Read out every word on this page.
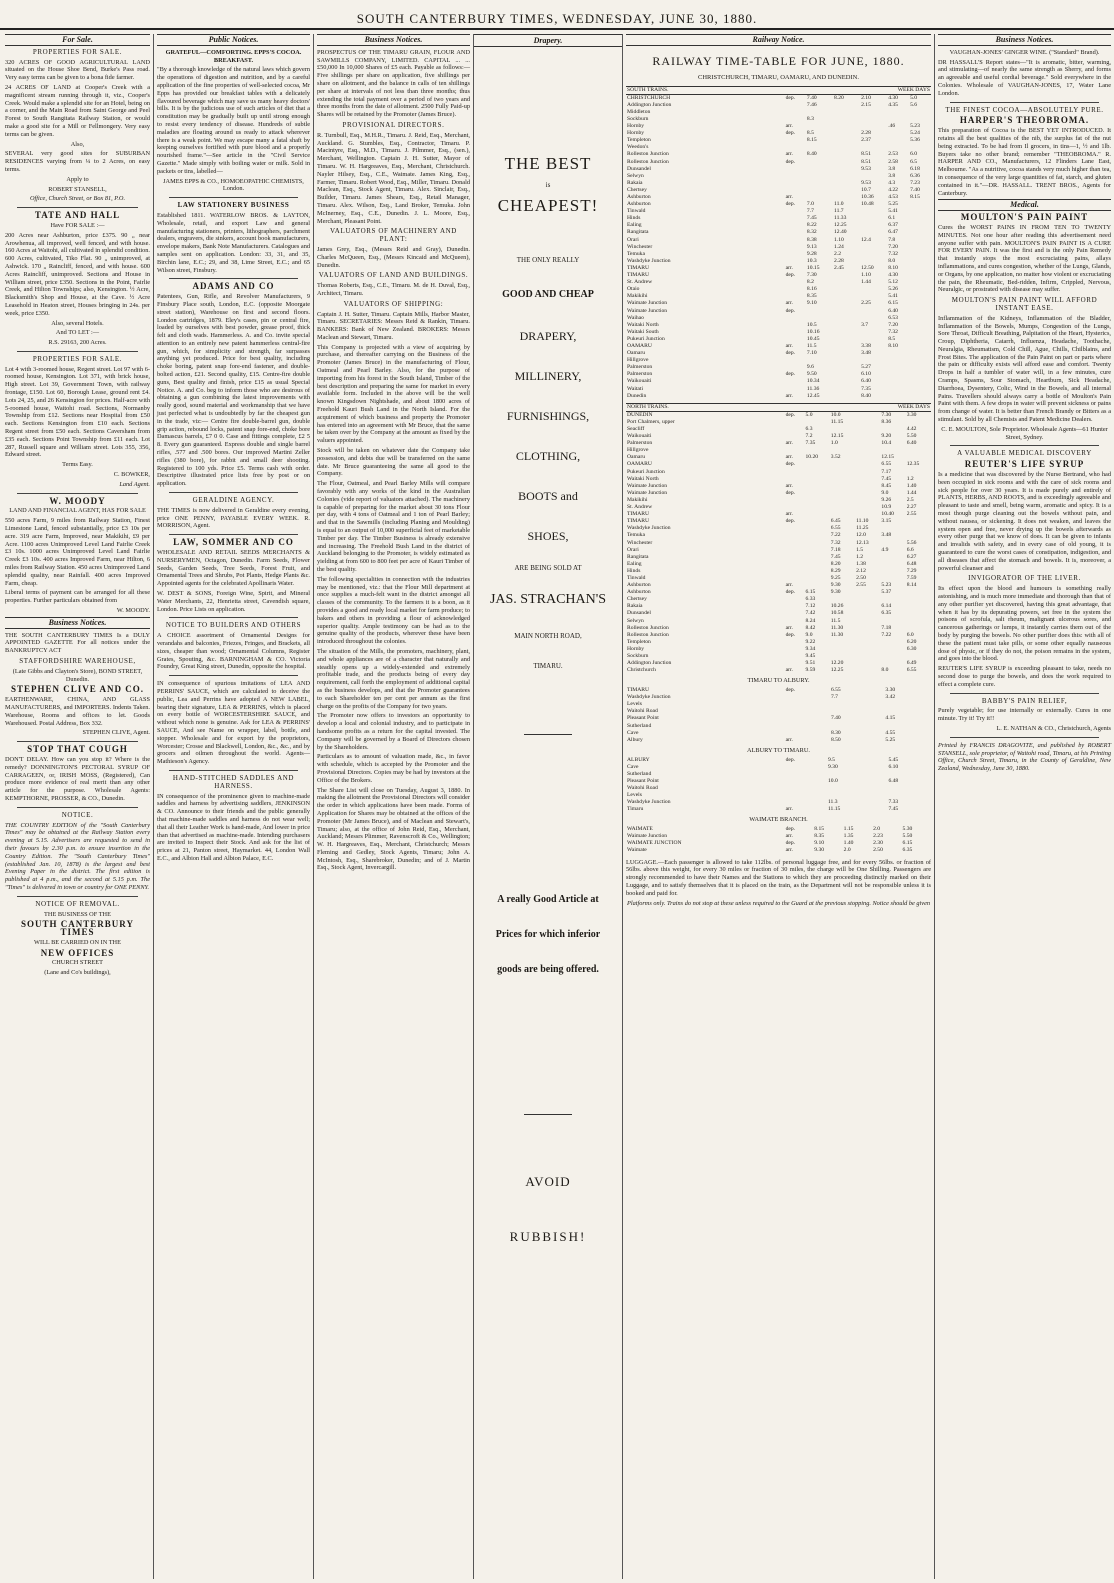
SOUTH CANTERBURY TIMES, WEDNESDAY, JUNE 30, 1880.
For Sale.
PROPERTIES FOR SALE.
320 ACRES OF GOOD AGRICULTURAL LAND situated on the House Shoe Bend, Burke's Pass road. Very easy terms can be given to a bona fide farmer.
24 ACRES OF LAND at Cooper's Creek with a magnificent stream running through it, viz., Cooper's Creek. Would make a splendid site for an Hotel, being on a corner, and the Main Road from Saint George and Peel Forest to South Rangitata Railway Station, or would make a good site for a Mill or Fellmongery. Very easy terms can be given.
Also,
SEVERAL very good sites for SUBURBAN RESIDENCES varying from ¼ to 2 Acres, on easy terms.
Apply to
ROBERT STANSELL,
Office, Church Street, or Box 81, P.O.
TATE AND HALL
Have FOR SALE :—
200 Acres near Ashburton, price £375. 90 „ near Arowhenua, all improved, well fenced, and with house. 160 Acres at Waitohi, all cultivated in splendid condition. 600 Acres, cultivated, Tiko Flat. 90 „ unimproved, at Ashwick. 170 „ Raincliff, fenced, and with house. 600 Acres Raincliff, unimproved. Sections and House in William street, price £350. Sections in the Point, Fairlie Creek, and Hilton Townships; also, Kensington. ½ Acre, Blacksmith's Shop and House, at the Cave. ½ Acre Leasehold in Heaton street, Houses bringing in 24s. per week, price £350.
Also, several Hotels.
And TO LET :—
R.S. 29163, 200 Acres.
PROPERTIES FOR SALE.
Lot 4 with 3-roomed house, Regent street. Lot 97 with 6-roomed house, Kensington. Lot 371, with brick house, High street. Lot 39, Government Town, with railway frontage, £150. Lot 60, Borough Lease, ground rent £4. Lots 24, 25, and 26 Kensington for prices. Half-acre with 5-roomed house, Waitohi road. Sections, Normanby Township from £12. Sections near Hospital from £50 each. Sections Kensington from £10 each. Sections Regent street from £50 each. Sections Caversham from £35 each. Sections Point Township from £11 each. Lot 287, Russell square and William street. Lots 355, 356, Edward street.
Terms Easy.
C. BOWKER,
Land Agent.
W. MOODY
LAND AND FINANCIAL AGENT, HAS FOR SALE
550 acres Farm, 9 miles from Railway Station, Finest Limestone Land, fenced substantially, price £3 10s per acre. 319 acre Farm, Improved, near Makikihi, £9 per Acre. 1100 acres Unimproved Level Land Fairlie Creek £3 10s. 1000 acres Unimproved Level Land Fairlie Creek £3 10s. 400 acres Improved Farm, near Hilton, 6 miles from Railway Station. 450 acres Unimproved Land splendid quality, near Rainfall. 400 acres Improved Farm, cheap.
Liberal terms of payment can be arranged for all these properties. Further particulars obtained from
W. MOODY.
Business Notices.
THE SOUTH CANTERBURY TIMES Is a DULY APPOINTED GAZETTE For all notices under the BANKRUPTCY ACT
STAFFORDSHIRE WAREHOUSE,
(Late Gibbs and Clayton's Store), BOND STREET, Dunedin.
STEPHEN CLIVE AND CO.
EARTHENWARE, CHINA, AND GLASS MANUFACTURERS, and IMPORTERS. Indents Taken. Warehouse, Rooms and offices to let. Goods Warehoused. Postal Address, Box 332.
STEPHEN CLIVE, Agent.
STOP THAT COUGH
DON'T DELAY. How can you stop it? Where is the remedy? DONNINGTON'S PECTORAL SYRUP OF CARRAGEEN, or, IRISH MOSS, (Registered), Can produce more evidence of real merit than any other article for the purpose. Wholesale Agents: KEMPTHORNE, PROSSER, & CO., Dunedin.
NOTICE.
THE COUNTRY EDITION of the "South Canterbury Times" may be obtained at the Railway Station every evening at 5.15. Advertisers are requested to send in their favours by 2.30 p.m. to ensure insertion in the Country Edition. The "South Canterbury Times" (established Jan. 10, 1878) is the largest and best Evening Paper in the district. The first edition is published at 4 p.m., and the second at 5.15 p.m. The "Times" is delivered in town or country for ONE PENNY.
NOTICE OF REMOVAL.
THE BUSINESS OF THE
SOUTH CANTERBURY TIMES
WILL BE CARRIED ON IN THE
NEW OFFICES
CHURCH STREET
(Lane and Co's buildings),
Public Notices.
GRATEFUL—COMFORTING. EPPS'S COCOA. BREAKFAST.
"By a thorough knowledge of the natural laws which govern the operations of digestion and nutrition, and by a careful application of the fine properties of well-selected cocoa, Mr Epps has provided our breakfast tables with a delicately flavoured beverage which may save us many heavy doctors' bills. It is by the judicious use of such articles of diet that a constitution may be gradually built up until strong enough to resist every tendency of disease. Hundreds of subtle maladies are floating around us ready to attack wherever there is a weak point. We may escape many a fatal shaft by keeping ourselves fortified with pure blood and a properly nourished frame."—See article in the "Civil Service Gazette." Made simply with boiling water or milk. Sold in packets or tins, labelled—
JAMES EPPS & CO., HOMOEOPATHIC CHEMISTS, London.
LAW STATIONERY BUSINESS
Established 1811. WATERLOW BROS. & LAYTON, Wholesale, retail, and export Law and general manufacturing stationers, printers, lithographers, parchment dealers, engravers, die sinkers, account book manufacturers, envelope makers, Bank Note Manufacturers. Catalogues and samples sent on application. London: 33, 31, and 35, Birchin lane, E.C.; 29, and 38, Lime Street, E.C.; and 65 Wilson street, Finsbury.
ADAMS AND CO
Patentees, Gun, Rifle, and Revolver Manufacturers, 9 Finsbury Place south, London, E.C. (opposite Moorgate street station), Warehouse on first and second floors. London cartridges, 1879. Eley's cases, pin or central fire, loaded by ourselves with best powder, grease proof, thick felt and cloth wads. Hammerless. A. and Co. invite special attention to an entirely new patent hammerless central-fire gun, which, for simplicity and strength, far surpasses anything yet produced. Price for best quality, including choke boring, patent snap fore-end fastener, and double-bolted action, £21. Second quality, £15. Centre-fire double guns, Best quality and finish, price £15 as usual Special Notice. A. and Co. beg to inform those who are desirous of obtaining a gun combining the latest improvements with really good, sound material and workmanship that we have just perfected what is undoubtedly by far the cheapest gun in the trade, viz:— Centre fire double-barrel gun, double grip action, rebound locks, patent snap fore-end, choke bore Damascus barrels, £7 0 0. Case and fittings complete, £2 5 8. Every gun guaranteed. Express double and single barrel rifles, .577 and .500 bores. Our improved Martini Zeller rifles (380 bore), for rabbit and small deer shooting. Registered to 100 yds. Price £5. Terms cash with order. Descriptive illustrated price lists free by post or on application.
GERALDINE AGENCY.
THE TIMES is now delivered in Geraldine every evening, price ONE PENNY, PAYABLE EVERY WEEK. R. MORRISON, Agent.
LAW, SOMMER AND CO
WHOLESALE AND RETAIL SEEDS MERCHANTS & NURSERYMEN, Octagon, Dunedin. Farm Seeds, Flower Seeds, Garden Seeds, Tree Seeds, Forest Fruit, and Ornamental Trees and Shrubs, Pot Plants, Hedge Plants &c. Appointed agents for the celebrated Apollinaris Water.
W. DEST & SONS, Foreign Wine, Spirit, and Mineral Water Merchants, 22, Henrietta street, Cavendish square, London. Price Lists on application.
NOTICE TO BUILDERS AND OTHERS
A CHOICE assortment of Ornamental Designs for verandahs and balconies, Friezes, Fringes, and Brackets, all sizes, cheaper than wood; Ornamental Columns, Register Grates, Spouting, &c. BARNINGHAM & CO. Victoria Foundry, Great King street, Dunedin, opposite the hospital.
IN consequence of spurious imitations of LEA AND PERRINS' SAUCE, which are calculated to deceive the public, Lea and Perrins have adopted A NEW LABEL, bearing their signature, LEA & PERRINS, which is placed on every bottle of WORCESTERSHIRE SAUCE, and without which none is genuine. Ask for LEA & PERRINS' SAUCE, And see Name on wrapper, label, bottle, and stopper. Wholesale and for export by the proprietors, Worcester; Crosse and Blackwell, London, &c., &c., and by grocers and oilmen throughout the world. Agents—Mathieson's Agency.
HAND-STITCHED SADDLES AND HARNESS.
IN consequence of the prominence given to machine-made saddles and harness by advertising saddlers, JENKINSON & CO. Announce to their friends and the public generally that machine-made saddles and harness do not wear well; that all their Leather Work is hand-made, And lower in price than that advertised as machine-made. Intending purchasers are invited to Inspect their Stock. And ask for the list of prices at 21, Panton street, Haymarket. 44, London Wall E.C., and Albion Hall and Albion Palace, E.C.
Business Notices.
PROSPECTUS OF THE TIMARU GRAIN, FLOUR AND SAWMILLS COMPANY, LIMITED. CAPITAL ... ... £50,000 In 10,000 Shares of £5 each. Payable as follows:—Five shillings per share on application, five shillings per share on allotment, and the balance in calls of ten shillings per share at intervals of not less than three months; thus extending the total payment over a period of two years and three months from the date of allotment. 2500 Fully Paid-up Shares will be retained by the Promoter (James Bruce).
PROVISIONAL DIRECTORS.
R. Turnbull, Esq., M.H.R., Timaru. J. Reid, Esq., Merchant, Auckland. G. Stumbles, Esq., Contractor, Timaru. P. Macintyre, Esq., M.D., Timaru. J. Pilmmer, Esq., (sen.), Merchant, Wellington. Captain J. H. Sutter, Mayor of Timaru. W. H. Hargreaves, Esq., Merchant, Christchurch. Nayler Hilsey, Esq., C.E., Waimate. James King, Esq., Farmer, Timaru. Robert Wood, Esq., Miller, Timaru. Donald Maclean, Esq., Stock Agent, Timaru. Alex. Sinclair, Esq., Builder, Timaru. James Shears, Esq., Retail Manager, Timaru. Alex. Wilson, Esq., Land Broker, Temuka. John McInerney, Esq., C.E., Dunedin. J. L. Moore, Esq., Merchant, Pleasant Point.
VALUATORS OF MACHINERY AND PLANT:
James Grey, Esq., (Messrs Reid and Gray), Dunedin. Charles McQueen, Esq., (Messrs Kincaid and McQueen), Dunedin.
VALUATORS OF LAND AND BUILDINGS.
Thomas Roberts, Esq., C.E., Timaru. M. de H. Duval, Esq., Architect, Timaru.
VALUATORS OF SHIPPING:
Captain J. H. Sutter, Timaru. Captain Mills, Harbor Master, Timaru. SECRETARIES: Messrs Reid & Rankin, Timaru. BANKERS: Bank of New Zealand. BROKERS: Messrs Maclean and Stewart, Timaru.
This Company is projected with a view of acquiring by purchase, and thereafter carrying on the Business of the Promoter (James Bruce) in the manufacturing of Flour, Oatmeal and Pearl Barley. Also, for the purpose of importing from his forest in the South Island, Timber of the best description and preparing the same for market in every available form. Included in the above will be the well known Kingsdown Nightshade, and about 1800 acres of Freehold Kauri Bush Land in the North Island. For the acquirement of which business and property the Promoter has entered into an agreement with Mr Bruce, that the same be taken over by the Company at the amount as fixed by the valuers appointed.
Stock will be taken on whatever date the Company take possession, and debts due will be transferred on the same date. Mr Bruce guaranteeing the same all good to the Company.
The Flour, Oatmeal, and Pearl Barley Mills will compare favorably with any works of the kind in the Australian Colonies (vide report of valuators attached). The machinery is capable of preparing for the market about 30 tons Flour per day, with 4 tons of Oatmeal and 1 ton of Pearl Barley; and that in the Sawmills (including Planing and Moulding) is equal to an output of 10,000 superficial feet of marketable Timber per day. The Timber Business is already extensive and increasing. The Freehold Bush Land in the district of Auckland belonging to the Promoter, is widely estimated as yielding at from 600 to 800 feet per acre of Kauri Timber of the best quality.
The following specialities in connection with the industries may be mentioned, viz.: that the Flour Mill department at once supplies a much-felt want in the district amongst all classes of the community. To the farmers it is a boon, as it provides a good and ready local market for farm produce; to bakers and others in providing a flour of acknowledged superior quality. Ample testimony can be had as to the genuine quality of the products, wherever these have been introduced throughout the colonies.
The situation of the Mills, the promoters, machinery, plant, and whole appliances are of a character that naturally and steadily opens up a widely-extended and extremely profitable trade, and the products being of every day requirement, call forth the employment of additional capital as the business develops, and that the Promoter guarantees to each Shareholder ten per cent per annum as the first charge on the profits of the Company for two years.
The Promoter now offers to investors an opportunity to develop a local and colonial industry, and to participate in handsome profits as a return for the capital invested. The Company will be governed by a Board of Directors chosen by the Shareholders.
Particulars as to amount of valuation made, &c., in favor with schedule, which is accepted by the Promoter and the Provisional Directors. Copies may be had by investors at the Office of the Brokers.
The Share List will close on Tuesday, August 3, 1880. In making the allotment the Provisional Directors will consider the order in which applications have been made. Forms of Application for Shares may be obtained at the offices of the Promoter (Mr James Bruce), and of Maclean and Stewart's, Timaru; also, at the office of John Reid, Esq., Merchant, Auckland; Messrs Plimmer, Ravenscroft & Co., Wellington; W. H. Hargreaves, Esq., Merchant, Christchurch; Messrs Fleming and Gedley, Stock Agents, Timaru; John A. McIntosh, Esq., Sharebroker, Dunedin; and of J. Martin Esq., Stock Agent, Invercargill.
Drapery.
THE BEST
is
CHEAPEST!
THE ONLY REALLY
GOOD AND CHEAP
DRAPERY,
MILLINERY,
FURNISHINGS,
CLOTHING,
BOOTS and
SHOES,
ARE BEING SOLD AT
JAS. STRACHAN'S
MAIN NORTH ROAD,
TIMARU.
A really Good Article at
Prices for which inferior
goods are being offered.
AVOID
RUBBISH!
Railway Notice.
RAILWAY TIME-TABLE FOR JUNE, 1880.
CHRISTCHURCH, TIMARU, OAMARU, AND DUNEDIN.
SOUTH TRAINS.	WEEK DAYS					
CHRISTCHURCH	dep.	7.40	8.20	2.10	4.30	5.0
Addington Junction		7.46		2.15	4.35	5.6
Middleton						
Sockburn		8.3				
Hornby	arr.				.46	5.23
Hornby	dep.	8.5		2.28		5.24
Templeton		8.15		2.37		5.36
Weedon's						
Rolleston Junction	arr.	8.40		8.51	2.53	6.0
Rolleston Junction	dep.			8.51	2.58	6.5
Dunsandel				9.53	3.8	6.18
Selwyn					3.8	6.36
Rakaia				9.53	4.3	7.23
Chertsey				10.7	4.22	7.40
Ashburton	arr.			10.36	4.53	8.15
Ashburton	dep.	7.0	11.0	10.48	5.25	
Tinwald		7.7	11.7		5.41	
Hinds		7.45	11.33		6.1	
Ealing		8.22	12.25		6.37	
Rangitata		8.32	12.40		6.47	
Orari		8.38	1.10	12.4	7.8	
Winchester		9.13	1.24		7.20	
Temuka		9.28	2.2		7.32	
Washdyke Junction		10.3	2.28		8.0	
TIMARU	arr.	10.15	2.45	12.50	8.10	
TIMARU	dep.	7.30		1.10	4.30	
St. Andrew		8.2		1.44	5.12	
Otaio		8.16			5.26	
Makikihi		8.35			5.41	
Waimate Junction	arr.	9.10		2.25	6.15	
Waimate Junction	dep.				6.40	
Waihao					6.53	
Waitaki North		10.5		3.7	7.20	
Waitaki South		10.16			7.32	
Pukeuri Junction		10.45			8.5	
OAMARU	arr.	11.5		3.38	8.10	
Oamaru	dep.	7.10		3.48		
Hillgrove						
Palmerston		9.6		5.27		
Palmerston	dep.	9.50		6.10		
Waikouaiti		10.34		6.40		
Waitati		11.36		7.35		
Dunedin	arr.	12.45		8.40		
NORTH TRAINS.	WEEK DAYS					
DUNEDIN	dep.	5.0	10.0		7.30	3.30
Port Chalmers, upper			11.15		8.36	
Seacliff		6.3				4.42
Waikouaiti		7.2	12.15		9.20	5.50
Palmerston	arr.	7.35	1.0		10.4	6.40
Hillgrove						
Oamaru	arr.	10.20	3.52		12.15	
OAMARU	dep.				6.55	12.35
Pukeuri Junction					7.17	
Waitaki North					7.45	1.2
Waimate Junction	arr.				8.45	1.40
Waimate Junction	dep.				9.0	1.44
Makikihi					9.26	2.5
St. Andrew					10.9	2.27
TIMARU	arr.				10.40	2.55
TIMARU	dep.		6.45	11.10	3.15	
Washdyke Junction			6.55	11.25		
Temuka			7.22	12.0	3.48	
Winchester			7.32	12.13		5.56
Orari			7.18	1.5	4.9	6.6
Rangitata			7.45	1.2		6.27
Ealing			8.20	1.38		6.48
Hinds			8.29	2.12		7.29
Tinwald			9.25	2.50		7.59
Ashburton	arr.		9.30	2.55	5.23	8.14
Ashburton	dep.	6.15	9.30		5.37	
Chertsey		6.33				
Rakaia		7.12	10.26		6.14	
Dunsandel		7.42	10.58		6.35	
Selwyn		8.24	11.5			
Rolleston Junction	arr.	8.42	11.30		7.18	
Rolleston Junction	dep.	9.0	11.30		7.22	6.0
Templeton		9.22				6.20
Hornby		9.34				6.30
Sockburn		9.45				
Addington Junction		9.51	12.20			6.49
Christchurch	arr.	9.59	12.25		8.0	6.55
TIMARU TO ALBURY.
TIMARU	dep.	6.55		3.30
Washdyke Junction		7.7		3.42
Levels				
Waitohi Road				
Pleasant Point		7.40		4.15
Sutherland				
Cave		8.30		4.55
Albury	arr.	8.50		5.25
ALBURY TO TIMARU.
ALBURY	dep.	9.5		5.45
Cave		9.30		6.10
Sutherland				
Pleasant Point		10.0		6.48
Waitohi Road				
Levels				
Washdyke Junction		11.3		7.33
Timaru	arr.	11.15		7.45
WAIMATE BRANCH.
WAIMATE	dep.	8.15	1.15	2.0	5.30
Waimate Junction	arr.	8.35	1.35	2.23	5.50
WAIMATE JUNCTION	dep.	9.10	1.40	2.30	6.15
Waimate	arr.	9.30	2.0	2.50	6.35
LUGGAGE.—Each passenger is allowed to take 112lbs. of personal luggage free, and for every 56lbs. or fraction of 56lbs. above this weight, for every 30 miles or fraction of 30 miles, the charge will be One Shilling. Passengers are strongly recommended to have their Names and the Stations to which they are proceeding distinctly marked on their Luggage, and to satisfy themselves that it is placed on the train, as the Department will not be responsible unless it is booked and paid for.
Platforms only. Trains do not stop at these unless required to the Guard at the previous stopping. Notice should be given
Business Notices.
VAUGHAN-JONES' GINGER WINE. ("Standard" Brand).
DR HASSALL'S Report states—"It is aromatic, bitter, warming, and stimulating—of nearly the same strength as Sherry, and forms an agreeable and useful cordial beverage." Sold everywhere in the Colonies. Wholesale of VAUGHAN-JONES, 17, Water Lane London.
THE FINEST COCOA—ABSOLUTELY PURE.
HARPER'S THEOBROMA.
This preparation of Cocoa is the BEST YET INTRODUCED. It retains all the best qualities of the nib, the surplus fat of the nut being extracted. To be had from Il grocers, in tins—1, ½ and 1lb. Buyers take no other brand; remember "THEOBROMA." R. HARPER AND CO., Manufacturers, 12 Flinders Lane East, Melbourne. "As a nutritive, cocoa stands very much higher than tea, in consequence of the very large quantities of fat, starch, and gluten contained in it."—DR. HASSALL. TRENT BROS., Agents for Canterbury.
Medical.
MOULTON'S PAIN PAINT
Cures the WORST PAINS IN FROM TEN TO TWENTY MINUTES. Not one hour after reading this advertisement need anyone suffer with pain. MOULTON'S PAIN PAINT IS A CURE FOR EVERY PAIN. It was the first and is the only Pain Remedy that instantly stops the most excruciating pains, allays inflammations, and cures congestion, whether of the Lungs, Glands, or Organs, by one application, no matter how violent or excruciating the pain, the Rheumatic, Bed-ridden, Infirm, Crippled, Nervous, Neuralgic, or prostrated with disease may suffer.
MOULTON'S PAIN PAINT WILL AFFORD INSTANT EASE.
Inflammation of the Kidneys, Inflammation of the Bladder, Inflammation of the Bowels, Mumps, Congestion of the Lungs, Sore Throat, Difficult Breathing, Palpitation of the Heart, Hysterics, Croup, Diphtheria, Catarrh, Influenza, Headache, Toothache, Neuralgia, Rheumatism, Cold Chill, Ague, Chills, Chilblains, and Frost Bites. The application of the Pain Paint on part or parts where the pain or difficulty exists will afford ease and comfort. Twenty Drops in half a tumbler of water will, in a few minutes, cure Cramps, Spasms, Sour Stomach, Heartburn, Sick Headache, Diarrhoea, Dysentery, Colic, Wind in the Bowels, and all internal Pains. Travellers should always carry a bottle of Moulton's Pain Paint with them. A few drops in water will prevent sickness or pains from change of water. It is better than French Brandy or Bitters as a stimulant. Sold by all Chemists and Patent Medicine Dealers.
C. E. MOULTON, Sole Proprietor. Wholesale Agents—61 Hunter Street, Sydney.
A VALUABLE MEDICAL DISCOVERY
REUTER'S LIFE SYRUP
Is a medicine that was discovered by the Nurse Bertrand, who had been occupied in sick rooms and with the care of sick rooms and sick people for over 30 years. It is made purely and entirely of PLANTS, HERBS, AND ROOTS, and is exceedingly agreeable and pleasant to taste and smell, being warm, aromatic and spicy. It is a most though purge cleaning out the bowels without pain, and without nausea, or sickening. It does not weaken, and leaves the system open and free, never drying up the bowels afterwards as every other purge that we know of does. It can be given to infants and invalids with safety, and in every case of old young, it is guaranteed to cure the worst cases of constipation, indigestion, and all diseases that affect the stomach and bowels. It is, moreover, a powerful cleanser and
INVIGORATOR OF THE LIVER.
Its effect upon the blood and humours is something really astonishing, and is much more immediate and thorough than that of any other purifier yet discovered, having this great advantage, that when it has by its depurating powers, set free in the system the poisons of scrofula, salt rheum, malignant ulcerous sores, and cancerous gatherings or lumps, it instantly carries them out of the body by purging the bowels. No other purifier does this: with all of these the patient must take pills, or some other equally nauseous dose of physic, or if they do not, the poison remains in the system, and goes into the blood.
REUTER'S LIFE SYRUP is exceeding pleasant to take, needs no second dose to purge the bowels, and does the work required to effect a complete cure.
BABBY'S PAIN RELIEF,
Purely vegetable; for use internally or externally. Cures in one minute. Try it! Try it!!
L. E. NATHAN & CO., Christchurch, Agents
Printed by FRANCIS DRAGOVITE, and published by ROBERT STANSELL, sole proprietor, of Waitohi road, Timaru, at his Printing Office, Church Street, Timaru, in the County of Geraldine, New Zealand, Wednesday, June 30, 1880.
